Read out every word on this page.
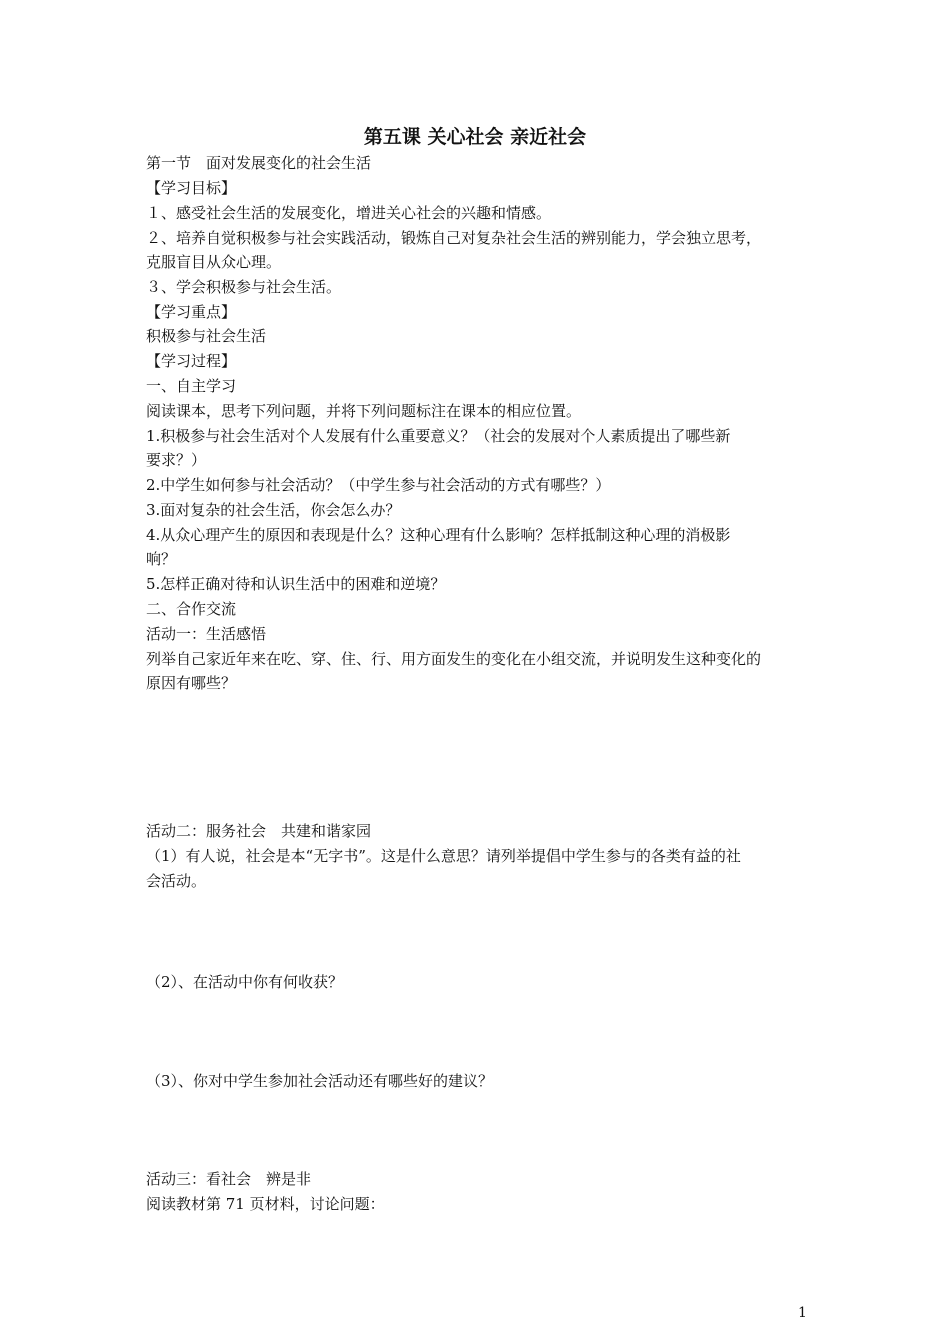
第五课 关心社会 亲近社会
第一节　面对发展变化的社会生活
【学习目标】
１、感受社会生活的发展变化，增进关心社会的兴趣和情感。
２、培养自觉积极参与社会实践活动，锻炼自己对复杂社会生活的辨别能力，学会独立思考，
克服盲目从众心理。
３、学会积极参与社会生活。
【学习重点】
积极参与社会生活
【学习过程】
一、自主学习
阅读课本，思考下列问题，并将下列问题标注在课本的相应位置。
1.积极参与社会生活对个人发展有什么重要意义？（社会的发展对个人素质提出了哪些新
要求？）
2.中学生如何参与社会活动？（中学生参与社会活动的方式有哪些？）
3.面对复杂的社会生活，你会怎么办？
4.从众心理产生的原因和表现是什么？这种心理有什么影响？怎样抵制这种心理的消极影
响？
5.怎样正确对待和认识生活中的困难和逆境？
二、合作交流
活动一：生活感悟
列举自己家近年来在吃、穿、住、行、用方面发生的变化在小组交流，并说明发生这种变化的
原因有哪些？
活动二：服务社会　共建和谐家园
（1）有人说，社会是本“无字书”。这是什么意思？请列举提倡中学生参与的各类有益的社
会活动。
（2）、在活动中你有何收获？
（3）、你对中学生参加社会活动还有哪些好的建议？
活动三：看社会　辨是非
阅读教材第 71 页材料，讨论问题：
1
